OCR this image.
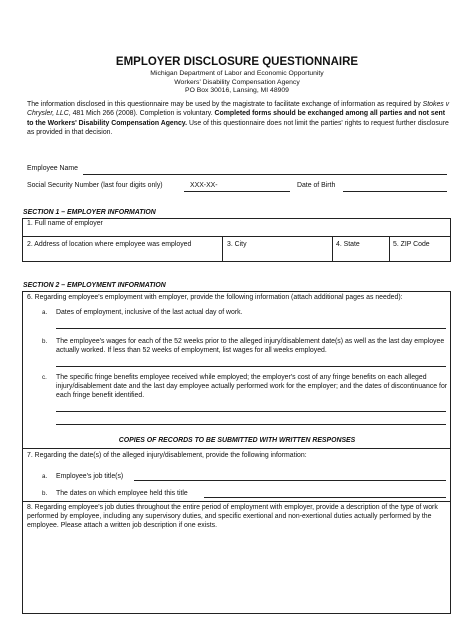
EMPLOYER DISCLOSURE QUESTIONNAIRE
Michigan Department of Labor and Economic Opportunity
Workers' Disability Compensation Agency
PO Box 30016, Lansing, MI 48909
The information disclosed in this questionnaire may be used by the magistrate to facilitate exchange of information as required by Stokes v Chrysler, LLC, 481 Mich 266 (2008). Completion is voluntary. Completed forms should be exchanged among all parties and not sent to the Workers' Disability Compensation Agency. Use of this questionnaire does not limit the parties' rights to request further disclosure as provided in that decision.
Employee Name
Social Security Number (last four digits only)	XXX-XX-	Date of Birth
SECTION 1 – EMPLOYER INFORMATION
1. Full name of employer
2. Address of location where employee was employed	3. City	4. State	5. ZIP Code
SECTION 2 – EMPLOYMENT INFORMATION
6. Regarding employee's employment with employer, provide the following information (attach additional pages as needed):
a. Dates of employment, inclusive of the last actual day of work.
b. The employee's wages for each of the 52 weeks prior to the alleged injury/disablement date(s) as well as the last day employee actually worked. If less than 52 weeks of employment, list wages for all weeks employed.
c. The specific fringe benefits employee received while employed; the employer's cost of any fringe benefits on each alleged injury/disablement date and the last day employee actually performed work for the employer; and the dates of discontinuance for each fringe benefit identified.
COPIES OF RECORDS TO BE SUBMITTED WITH WRITTEN RESPONSES
7. Regarding the date(s) of the alleged injury/disablement, provide the following information:
a. Employee's job title(s)
b. The dates on which employee held this title
8. Regarding employee's job duties throughout the entire period of employment with employer, provide a description of the type of work performed by employee, including any supervisory duties, and specific exertional and non-exertional duties actually performed by the employee. Please attach a written job description if one exists.
